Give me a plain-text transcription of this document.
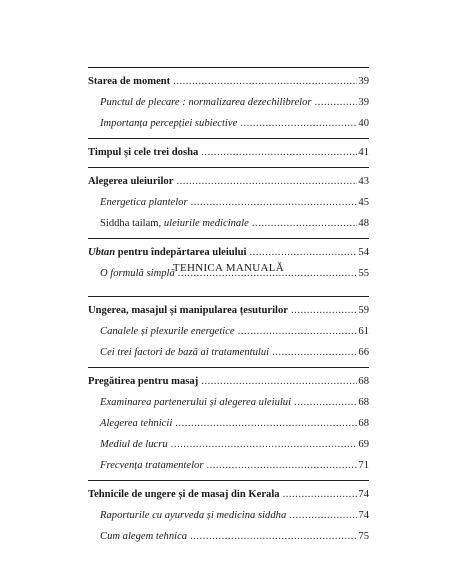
Starea de moment .....	39
Punctul de plecare : normalizarea dezechilibrelor .....	39
Importanța percepției subiective .....	40
Timpul și cele trei dosha .....	41
Alegerea uleiurilor .....	43
Energetica plantelor .....	45
Siddha tailam, uleiurile medicinale .....	48
Ubtan pentru îndepărtarea uleiului .....	54
O formulă simplă .....	55
TEHNICA MANUALĂ
Ungerea, masajul și manipularea țesuturilor .....	59
Canalele și plexurile energetice .....	61
Cei trei factori de bază ai tratamentului .....	66
Pregătirea pentru masaj .....	68
Examinarea partenerului și alegerea uleiului .....	68
Alegerea tehnicii .....	68
Mediul de lucru .....	69
Frecvența tratamentelor .....	71
Tehnicile de ungere și de masaj din Kerala .....	74
Raporturile cu ayurveda și medicina siddha .....	74
Cum alegem tehnica .....	75
